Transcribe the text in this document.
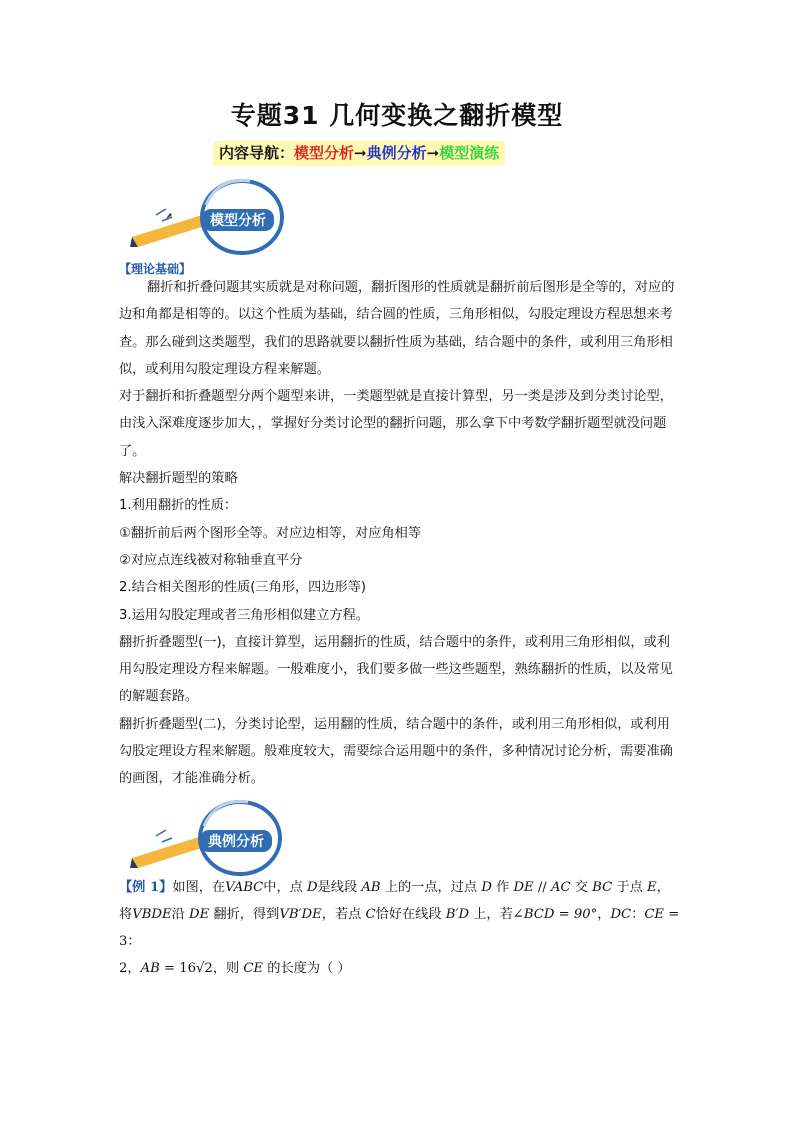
专题31 几何变换之翻折模型
内容导航：模型分析➞典例分析➞模型演练
模型分析
【理论基础】

翻折和折叠问题其实质就是对称问题，翻折图形的性质就是翻折前后图形是全等的，对应的边和角都是相等的。以这个性质为基础，结合圆的性质，三角形相似，勾股定理设方程思想来考查。那么碰到这类题型，我们的思路就要以翻折性质为基础，结合题中的条件，或利用三角形相似，或利用勾股定理设方程来解题。

对于翻折和折叠题型分两个题型来讲，一类题型就是直接计算型，另一类是涉及到分类讨论型，由浅入深难度逐步加大，，掌握好分类讨论型的翻折问题，那么拿下中考数学翻折题型就没问题了。

解决翻折题型的策略

1.利用翻折的性质：

①翻折前后两个图形全等。对应边相等，对应角相等

②对应点连线被对称轴垂直平分

2.结合相关图形的性质(三角形，四边形等)

3.运用勾股定理或者三角形相似建立方程。

翻折折叠题型(一)，直接计算型，运用翻折的性质，结合题中的条件，或利用三角形相似，或利用勾股定理设方程来解题。一般难度小，我们要多做一些这些题型，熟练翻折的性质，以及常见的解题套路。

翻折折叠题型(二)，分类讨论型，运用翻的性质，结合题中的条件，或利用三角形相似，或利用勾股定理设方程来解题。般难度较大，需要综合运用题中的条件，多种情况讨论分析，需要准确的画图，才能准确分析。

典例分析

【例 1】如图，在VABC中，点 D是线段 AB 上的一点，过点 D 作 DE // AC 交 BC 于点 E，

将VBDE沿 DE 翻折，得到VB′DE，若点 C恰好在线段 B′D 上，若∠BCD = 90°，DC：CE = 3：

2，AB = 16√2，则 CE 的长度为（ ）
